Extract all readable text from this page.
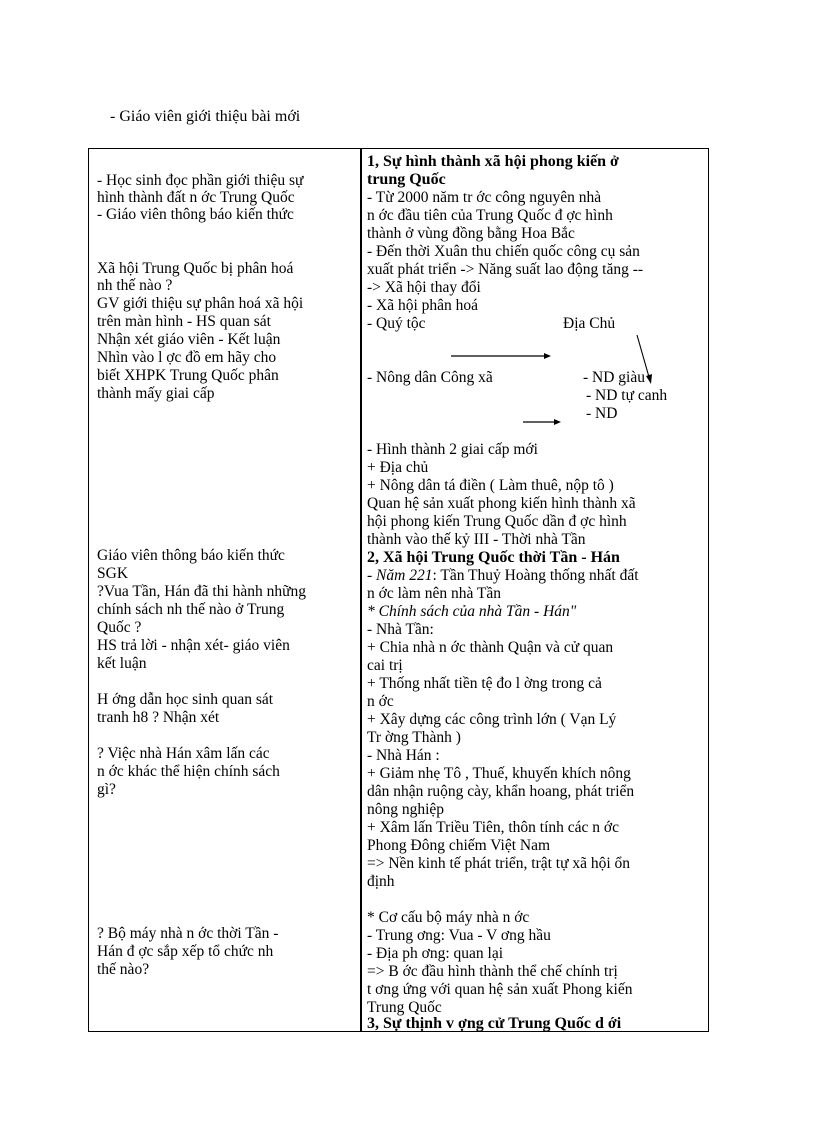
- Giáo viên giới thiệu bài mới
- Học sinh đọc phần giới thiệu sự
hình thành đất n ớc Trung Quốc
- Giáo viên thông báo kiến thức
Xã hội Trung Quốc bị phân hoá
nh thế nào ?
GV giới thiệu sự phân hoá xã hội
trên màn hình - HS quan sát
Nhận xét giáo viên - Kết luận
Nhìn vào l ợc đồ em hãy cho
biết XHPK Trung Quốc phân
thành mấy giai cấp
Giáo viên thông báo kiến thức
SGK
?Vua Tần, Hán đã thi hành những
chính sách nh thế nào ở Trung
Quốc ?
HS trả lời - nhận xét- giáo viên
kết luận
H ớng dẫn học sinh quan sát
tranh h8 ? Nhận xét
? Việc nhà Hán xâm lấn các
n ớc khác thể hiện chính sách
gì?
? Bộ máy nhà n ớc thời Tần -
Hán đ ợc sắp xếp tổ chức nh
thế nào?
1, Sự hình thành xã hội phong kiến ở
trung Quốc
- Từ 2000 năm tr ớc công nguyên nhà
n ớc đầu tiên của Trung Quốc đ ợc hình
thành ở vùng đồng bằng Hoa Bắc
- Đến thời Xuân thu chiến quốc công cụ sản
xuất phát triển -> Năng suất lao động tăng --
-> Xã hội thay đổi
- Xã hội phân hoá
- Quý tộc	Địa Chủ
- Nông dân Công xã	- ND giàu
- ND tự canh
- ND
- Hình thành 2 giai cấp mới
+ Địa chủ
+ Nông dân tá điền ( Làm thuê, nộp tô )
Quan hệ sản xuất phong kiến hình thành xã
hội phong kiến Trung Quốc dần đ ợc hình
thành vào thế kỷ III - Thời nhà Tần
2, Xã hội Trung Quốc thời Tần - Hán
- Năm 221: Tần Thuỷ Hoàng thống nhất đất
n ớc làm nên nhà Tần
* Chính sách của nhà Tần - Hán"
- Nhà Tần:
+ Chia nhà n ớc thành Quận và cử quan
cai trị
+ Thống nhất tiền tệ đo l ờng trong cả
n ớc
+ Xây dựng các công trình lớn ( Vạn Lý
Tr ờng Thành )
- Nhà Hán :
+ Giảm nhẹ Tô , Thuế, khuyến khích nông
dân nhận ruộng cày, khẩn hoang, phát triển
nông nghiệp
+ Xâm lấn Triều Tiên, thôn tính các n ớc
Phong Đông chiếm Việt Nam
=> Nền kinh tế phát triển, trật tự xã hội ổn
định
* Cơ cấu bộ máy nhà n ớc
- Trung ơng: Vua - V ơng hầu
- Địa ph ơng: quan lại
=> B ớc đầu hình thành thể chế chính trị
t ơng ứng với quan hệ sản xuất Phong kiến
Trung Quốc
3, Sự thịnh v ợng cử Trung Quốc d ới
